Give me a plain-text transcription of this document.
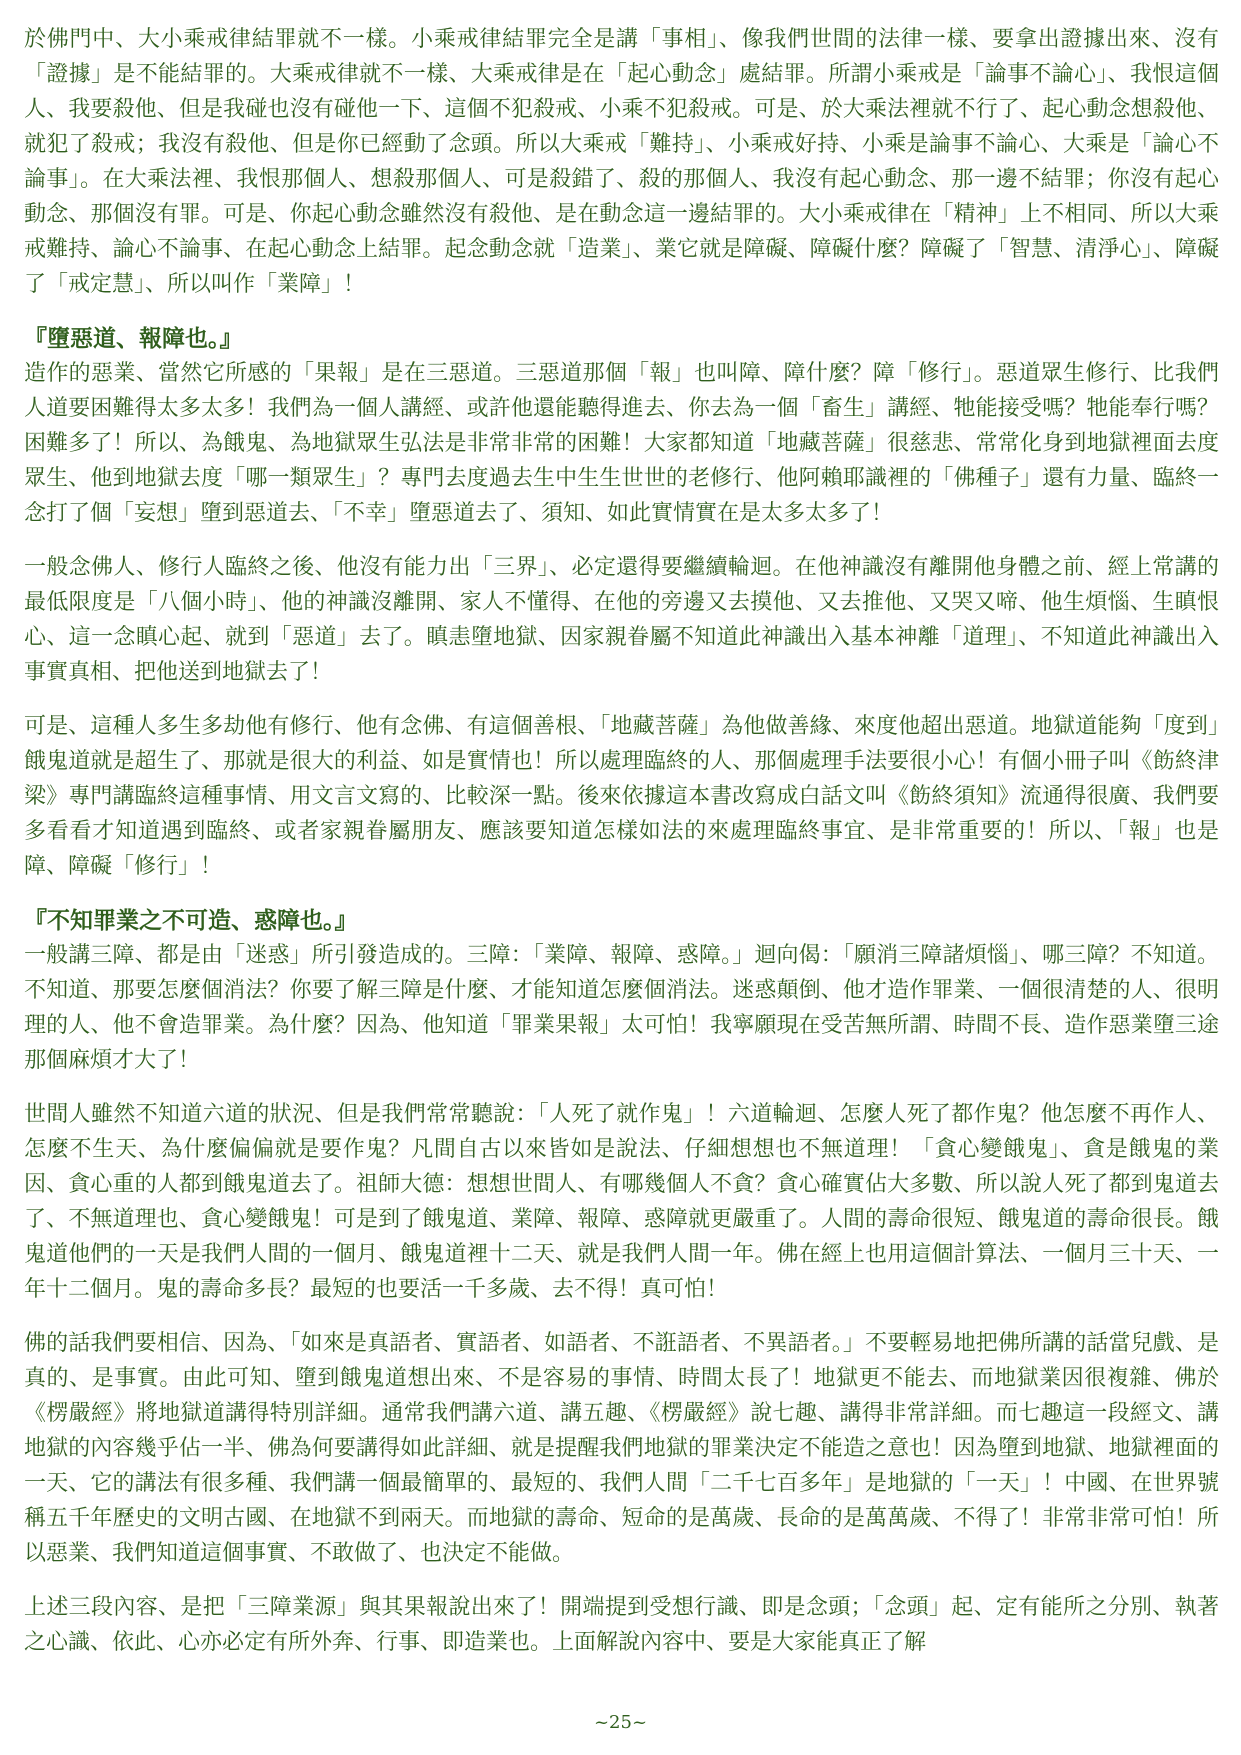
於佛門中、大小乘戒律結罪就不一樣。小乘戒律結罪完全是講「事相」、像我們世間的法律一樣、要拿出證據出來、沒有「證據」是不能結罪的。大乘戒律就不一樣、大乘戒律是在「起心動念」處結罪。所謂小乘戒是「論事不論心」、我恨這個人、我要殺他、但是我碰也沒有碰他一下、這個不犯殺戒、小乘不犯殺戒。可是、於大乘法裡就不行了、起心動念想殺他、就犯了殺戒；我沒有殺他、但是你已經動了念頭。所以大乘戒「難持」、小乘戒好持、小乘是論事不論心、大乘是「論心不論事」。在大乘法裡、我恨那個人、想殺那個人、可是殺錯了、殺的那個人、我沒有起心動念、那一邊不結罪；你沒有起心動念、那個沒有罪。可是、你起心動念雖然沒有殺他、是在動念這一邊結罪的。大小乘戒律在「精神」上不相同、所以大乘戒難持、論心不論事、在起心動念上結罪。起念動念就「造業」、業它就是障礙、障礙什麼？障礙了「智慧、清淨心」、障礙了「戒定慧」、所以叫作「業障」！

『墮惡道、報障也。』

造作的惡業、當然它所感的「果報」是在三惡道。三惡道那個「報」也叫障、障什麼？障「修行」。惡道眾生修行、比我們人道要困難得太多太多！我們為一個人講經、或許他還能聽得進去、你去為一個「畜生」講經、牠能接受嗎？牠能奉行嗎？困難多了！所以、為餓鬼、為地獄眾生弘法是非常非常的困難！大家都知道「地藏菩薩」很慈悲、常常化身到地獄裡面去度眾生、他到地獄去度「哪一類眾生」？專門去度過去生中生生世世的老修行、他阿賴耶識裡的「佛種子」還有力量、臨終一念打了個「妄想」墮到惡道去、「不幸」墮惡道去了、須知、如此實情實在是太多太多了！

一般念佛人、修行人臨終之後、他沒有能力出「三界」、必定還得要繼續輪迴。在他神識沒有離開他身體之前、經上常講的最低限度是「八個小時」、他的神識沒離開、家人不懂得、在他的旁邊又去摸他、又去推他、又哭又啼、他生煩惱、生瞋恨心、這一念瞋心起、就到「惡道」去了。瞋恚墮地獄、因家親眷屬不知道此神識出入基本神離「道理」、不知道此神識出入事實真相、把他送到地獄去了！

可是、這種人多生多劫他有修行、他有念佛、有這個善根、「地藏菩薩」為他做善緣、來度他超出惡道。地獄道能夠「度到」餓鬼道就是超生了、那就是很大的利益、如是實情也！所以處理臨終的人、那個處理手法要很小心！有個小冊子叫《飭終津梁》專門講臨終這種事情、用文言文寫的、比較深一點。後來依據這本書改寫成白話文叫《飭終須知》流通得很廣、我們要多看看才知道遇到臨終、或者家親眷屬朋友、應該要知道怎樣如法的來處理臨終事宜、是非常重要的！所以、「報」也是障、障礙「修行」！

『不知罪業之不可造、惑障也。』

一般講三障、都是由「迷惑」所引發造成的。三障：「業障、報障、惑障。」迴向偈：「願消三障諸煩惱」、哪三障？不知道。不知道、那要怎麼個消法？你要了解三障是什麼、才能知道怎麼個消法。迷惑顛倒、他才造作罪業、一個很清楚的人、很明理的人、他不會造罪業。為什麼？因為、他知道「罪業果報」太可怕！我寧願現在受苦無所謂、時間不長、造作惡業墮三途那個麻煩才大了！

世間人雖然不知道六道的狀況、但是我們常常聽說：「人死了就作鬼」！六道輪迴、怎麼人死了都作鬼？他怎麼不再作人、怎麼不生天、為什麼偏偏就是要作鬼？凡間自古以來皆如是說法、仔細想想也不無道理！「貪心變餓鬼」、貪是餓鬼的業因、貪心重的人都到餓鬼道去了。祖師大德：想想世間人、有哪幾個人不貪？貪心確實佔大多數、所以說人死了都到鬼道去了、不無道理也、貪心變餓鬼！可是到了餓鬼道、業障、報障、惑障就更嚴重了。人間的壽命很短、餓鬼道的壽命很長。餓鬼道他們的一天是我們人間的一個月、餓鬼道裡十二天、就是我們人間一年。佛在經上也用這個計算法、一個月三十天、一年十二個月。鬼的壽命多長？最短的也要活一千多歲、去不得！真可怕！

佛的話我們要相信、因為、「如來是真語者、實語者、如語者、不誑語者、不異語者。」不要輕易地把佛所講的話當兒戲、是真的、是事實。由此可知、墮到餓鬼道想出來、不是容易的事情、時間太長了！地獄更不能去、而地獄業因很複雜、佛於《楞嚴經》將地獄道講得特別詳細。通常我們講六道、講五趣、《楞嚴經》說七趣、講得非常詳細。而七趣這一段經文、講地獄的內容幾乎佔一半、佛為何要講得如此詳細、就是提醒我們地獄的罪業決定不能造之意也！因為墮到地獄、地獄裡面的一天、它的講法有很多種、我們講一個最簡單的、最短的、我們人間「二千七百多年」是地獄的「一天」！中國、在世界號稱五千年歷史的文明古國、在地獄不到兩天。而地獄的壽命、短命的是萬歲、長命的是萬萬歲、不得了！非常非常可怕！所以惡業、我們知道這個事實、不敢做了、也決定不能做。

上述三段內容、是把「三障業源」與其果報說出來了！開端提到受想行識、即是念頭；「念頭」起、定有能所之分別、執著之心識、依此、心亦必定有所外奔、行事、即造業也。上面解說內容中、要是大家能真正了解

~25~
